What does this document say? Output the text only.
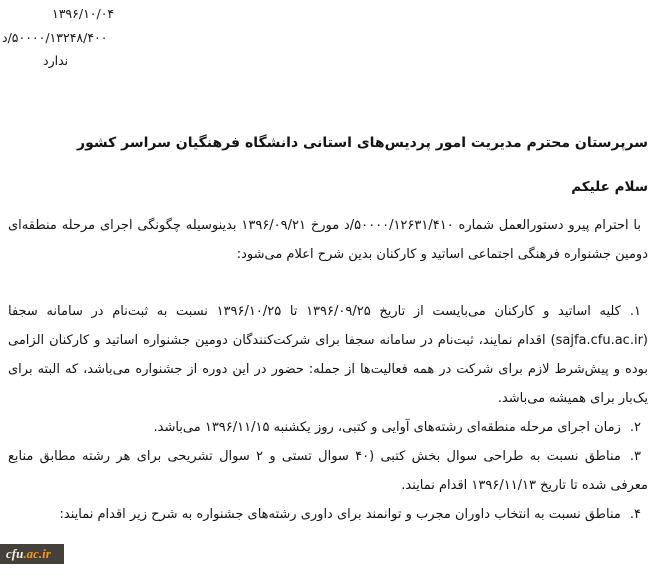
۱۳۹۶/۱۰/۰۴
۵۰۰۰۰/۱۳۲۴۸/۴۰۰/د
ندارد
سرپرستان محترم مدیریت امور پردیس‌های استانی دانشگاه فرهنگیان سراسر کشور

سلام علیکم

با احترام پیرو دستورالعمل شماره ۵۰۰۰۰/۱۲۶۳۱/۴۱۰/د مورخ ۱۳۹۶/۰۹/۲۱ بدینوسیله چگونگی اجرای مرحله منطقه‌ای دومین جشنواره فرهنگی اجتماعی اساتید و کارکنان بدین شرح اعلام می‌شود:

۱.کلیه اساتید و کارکنان می‌بایست از تاریخ ۱۳۹۶/۰۹/۲۵ تا ۱۳۹۶/۱۰/۲۵ نسبت به ثبت‌نام در سامانه سجفا (sajfa.cfu.ac.ir) اقدام نمایند، ثبت‌نام در سامانه سجفا برای شرکت‌کنندگان دومین جشنواره اساتید و کارکنان الزامی بوده و پیش‌شرط لازم برای شرکت در همه فعالیت‌ها از جمله: حضور در این دوره از جشنواره می‌باشد، که البته برای یک‌بار برای همیشه می‌باشد.

۲.زمان اجرای مرحله منطقه‌ای رشته‌های آوایی و کتبی، روز یکشنبه ۱۳۹۶/۱۱/۱۵ می‌باشد.

۳.مناطق نسبت به طراحی سوال بخش کتبی (۴۰ سوال تستی و ۲ سوال تشریحی برای هر رشته مطابق منابع معرفی شده تا تاریخ ۱۳۹۶/۱۱/۱۳ اقدام نمایند.

۴.مناطق نسبت به انتخاب داوران مجرب و توانمند برای داوری رشته‌های جشنواره به شرح زیر اقدام نمایند:

cfu .ac.ir
